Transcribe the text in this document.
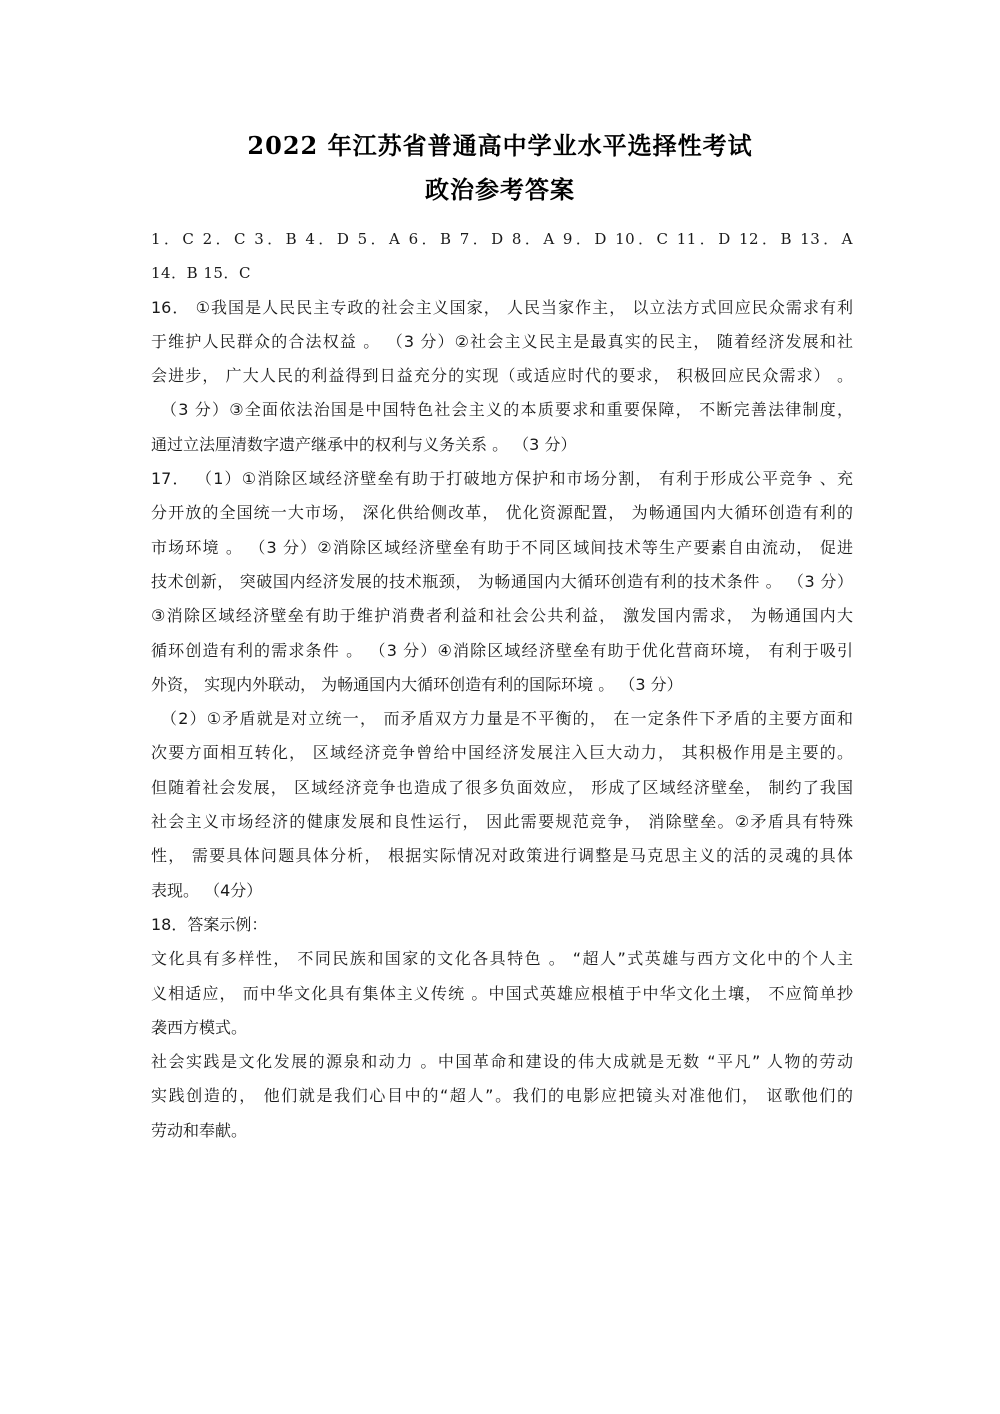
2022 年江苏省普通高中学业水平选择性考试
政治参考答案
1．C 2．C 3．B 4．D 5．A 6．B 7．D 8．A 9．D 10．C 11．D 12．B 13．A
14．B 15．C
16． ①我国是人民民主专政的社会主义国家， 人民当家作主， 以立法方式回应民众需求有利
于维护人民群众的合法权益 。 （3 分）②社会主义民主是最真实的民主， 随着经济发展和社
会进步， 广大人民的利益得到日益充分的实现（或适应时代的要求， 积极回应民众需求） 。
（3 分）③全面依法治国是中国特色社会主义的本质要求和重要保障， 不断完善法律制度，
通过立法厘清数字遗产继承中的权利与义务关系 。 （3 分）
17． （1）①消除区域经济壁垒有助于打破地方保护和市场分割， 有利于形成公平竞争 、充
分开放的全国统一大市场， 深化供给侧改革， 优化资源配置， 为畅通国内大循环创造有利的
市场环境 。 （3 分）②消除区域经济壁垒有助于不同区域间技术等生产要素自由流动， 促进
技术创新， 突破国内经济发展的技术瓶颈， 为畅通国内大循环创造有利的技术条件 。 （3 分）
③消除区域经济壁垒有助于维护消费者利益和社会公共利益， 激发国内需求， 为畅通国内大
循环创造有利的需求条件 。 （3 分）④消除区域经济壁垒有助于优化营商环境， 有利于吸引
外资， 实现内外联动， 为畅通国内大循环创造有利的国际环境 。 （3 分）
（2）①矛盾就是对立统一， 而矛盾双方力量是不平衡的， 在一定条件下矛盾的主要方面和
次要方面相互转化， 区域经济竞争曾给中国经济发展注入巨大动力， 其积极作用是主要的。
但随着社会发展， 区域经济竞争也造成了很多负面效应， 形成了区域经济壁垒， 制约了我国
社会主义市场经济的健康发展和良性运行， 因此需要规范竞争， 消除壁垒。②矛盾具有特殊
性， 需要具体问题具体分析， 根据实际情况对政策进行调整是马克思主义的活的灵魂的具体
表现。 （4分）
18．答案示例：
文化具有多样性， 不同民族和国家的文化各具特色 。 “超人”式英雄与西方文化中的个人主
义相适应， 而中华文化具有集体主义传统 。中国式英雄应根植于中华文化土壤， 不应简单抄
袭西方模式。
社会实践是文化发展的源泉和动力 。中国革命和建设的伟大成就是无数 “平凡” 人物的劳动
实践创造的， 他们就是我们心目中的“超人”。我们的电影应把镜头对准他们， 讴歌他们的
劳动和奉献。
